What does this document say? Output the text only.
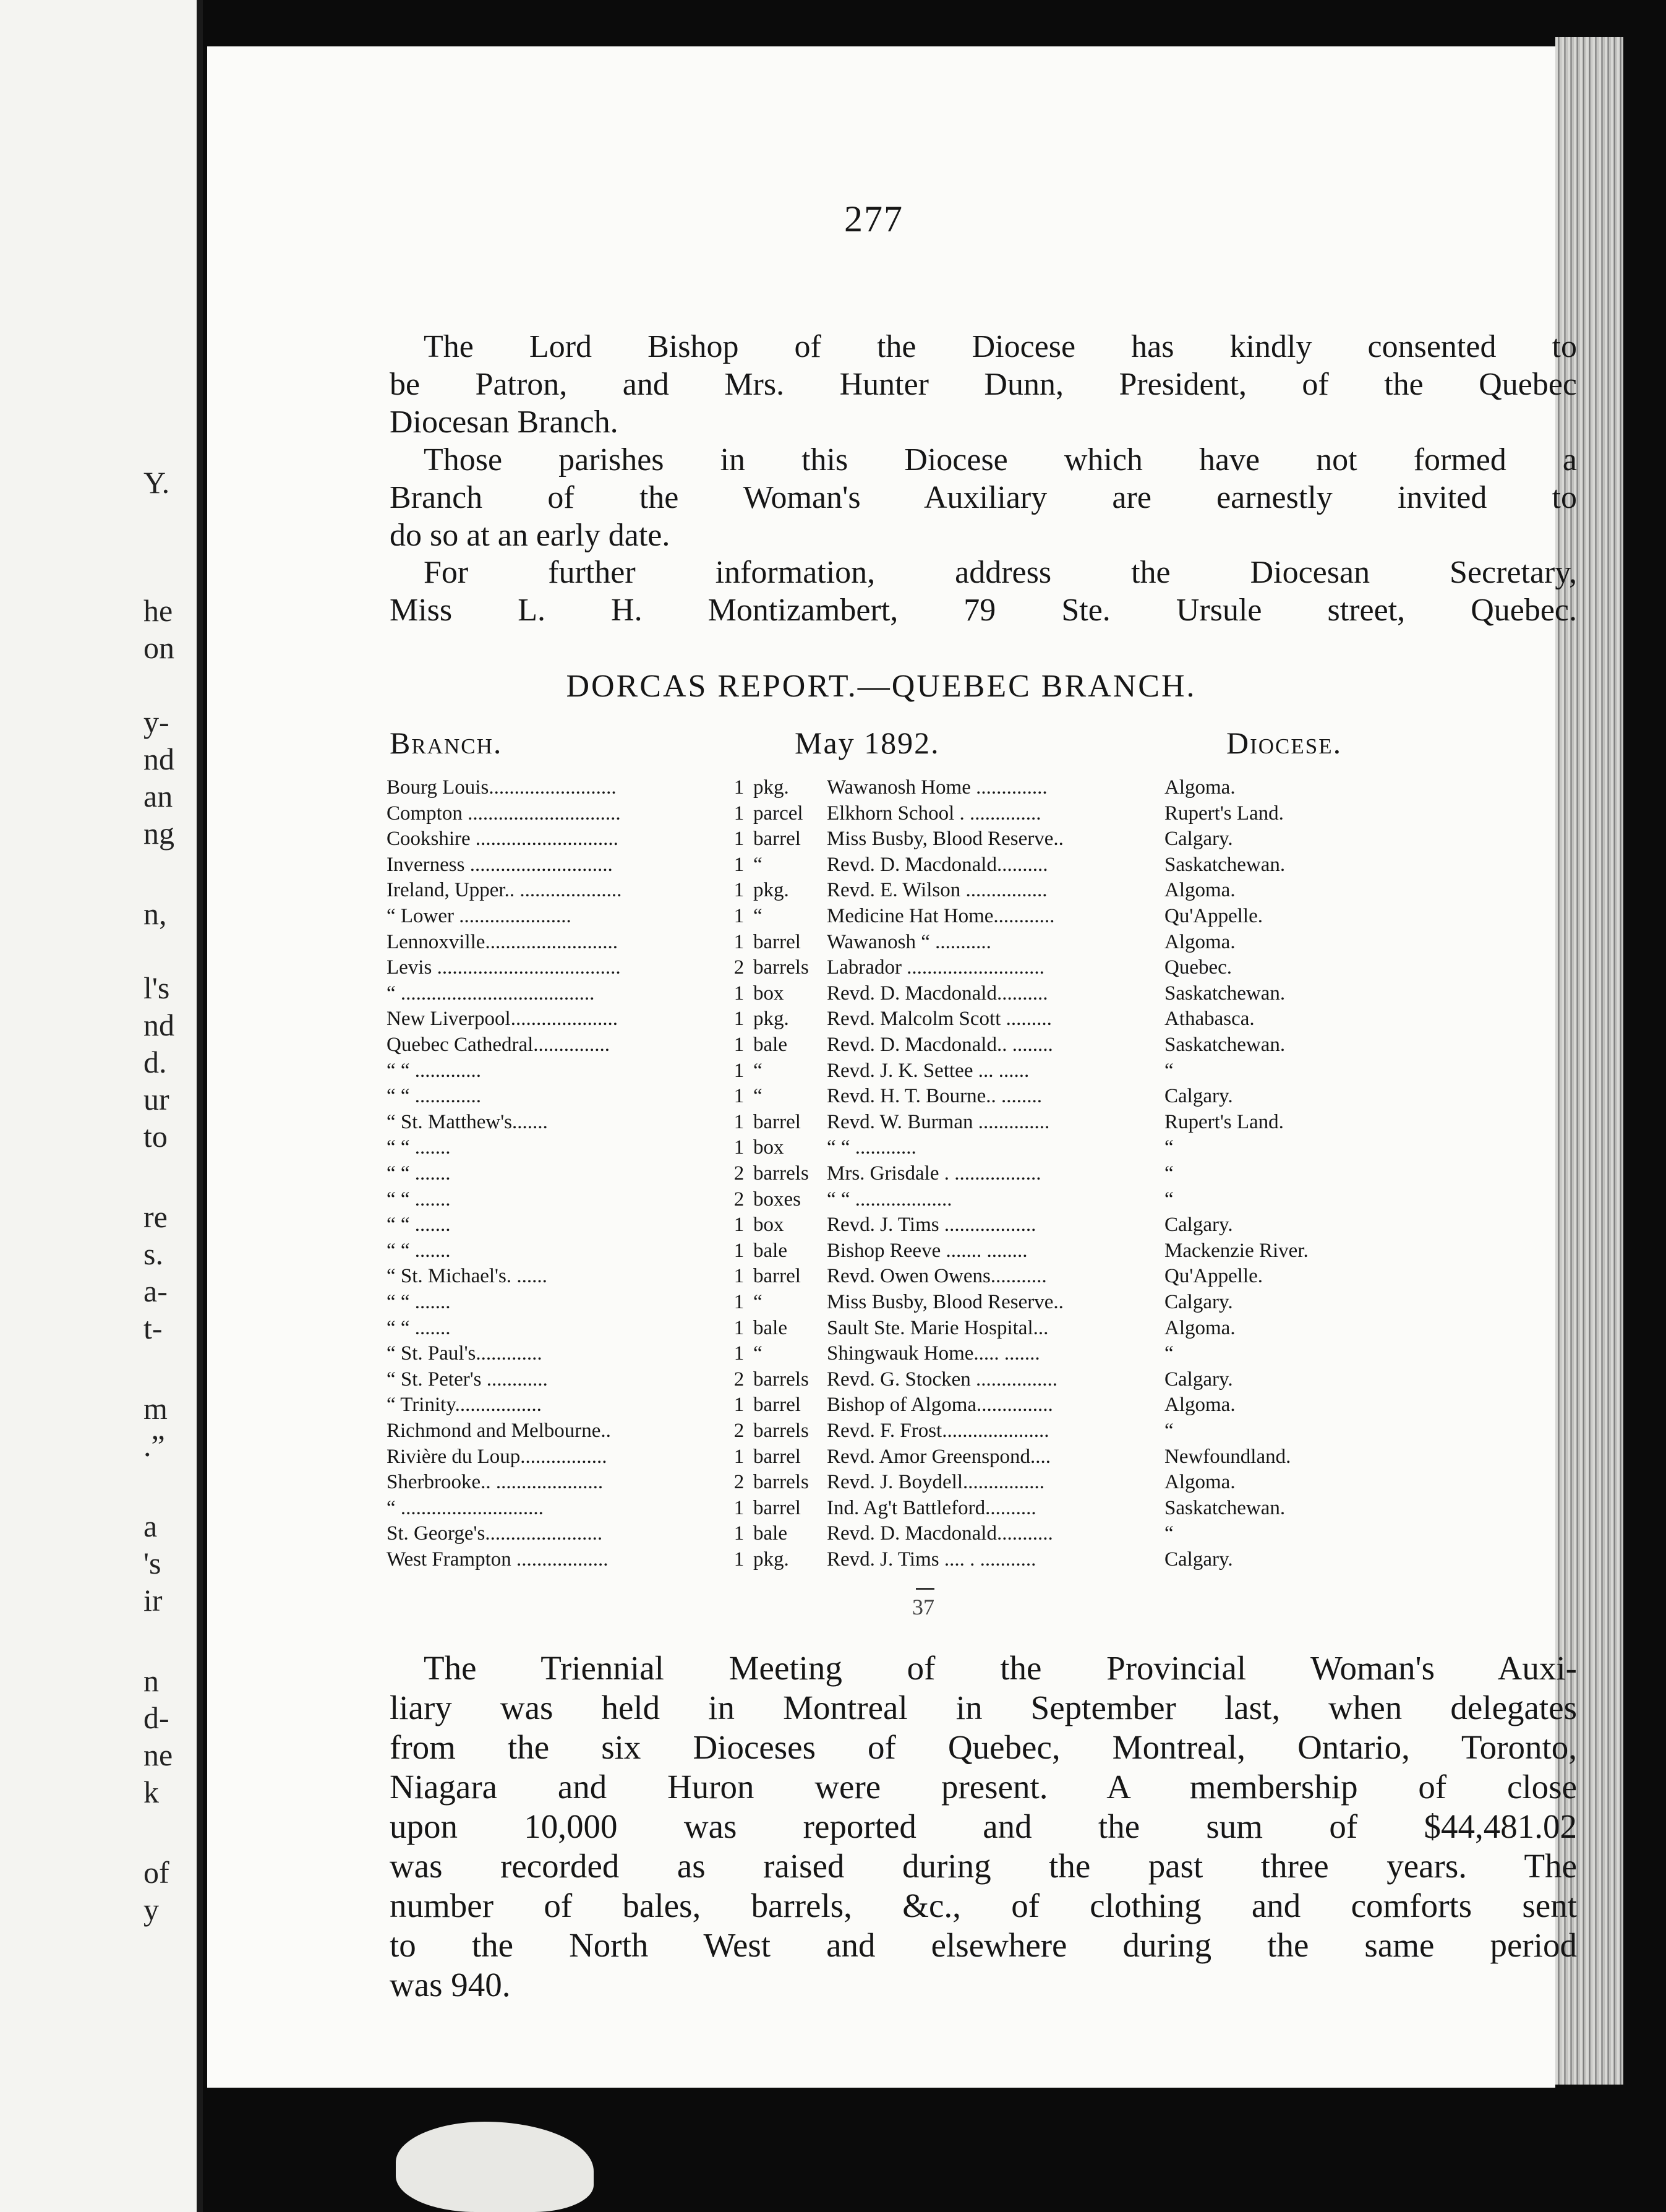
Y.
he
on
y-
nd
an
ng
n,
l's
nd
d.
ur
to
re
s.
a-
t-
m
.”
a
's
ir
n
d-
ne
k
of
y
277
The Lord Bishop of the Diocese has kindly consented to
be Patron, and Mrs. Hunter Dunn, President, of the Quebec
Diocesan Branch.
Those parishes in this Diocese which have not formed a
Branch of the Woman's Auxiliary are earnestly invited to
do so at an early date.
For further information, address the Diocesan Secretary,
Miss L. H. Montizambert, 79 Ste. Ursule street, Quebec.
DORCAS REPORT.—QUEBEC BRANCH.
Branch.	May 1892.	Diocese.
Bourg Louis.........................	1 pkg.	Wawanosh Home ..............	Algoma.
Compton ..............................	1 parcel	Elkhorn School . ..............	Rupert's Land.
Cookshire ............................	1 barrel	Miss Busby, Blood Reserve..	Calgary.
Inverness ............................	1 “	Revd. D. Macdonald..........	Saskatchewan.
Ireland, Upper.. ....................	1 pkg.	Revd. E. Wilson ................	Algoma.
“ Lower ......................	1 “	Medicine Hat Home............	Qu'Appelle.
Lennoxville..........................	1 barrel	Wawanosh “ ...........	Algoma.
Levis ....................................	2 barrels Labrador ...........................	Quebec.
“ ......................................	1 box	Revd. D. Macdonald..........	Saskatchewan.
New Liverpool.....................	1 pkg.	Revd. Malcolm Scott .........	Athabasca.
Quebec Cathedral...............	1 bale	Revd. D. Macdonald.. ........	Saskatchewan.
“ “ .............	1 “	Revd. J. K. Settee ... ......	“
“ “ .............	1 “	Revd. H. T. Bourne.. ........	Calgary.
“ St. Matthew's.......	1 barrel	Revd. W. Burman ..............	Rupert's Land.
“ “ .......	1 box	“ “ ............	“
“ “ .......	2 barrels Mrs. Grisdale . .................	“
“ “ .......	2 boxes	“ “ ...................	“
“ “ .......	1 box	Revd. J. Tims ..................	Calgary.
“ “ .......	1 bale	Bishop Reeve ....... ........	Mackenzie River.
“ St. Michael's. ......	1 barrel	Revd. Owen Owens...........	Qu'Appelle.
“ “ .......	1 “	Miss Busby, Blood Reserve..	Calgary.
“ “ .......	1 bale	Sault Ste. Marie Hospital...	Algoma.
“ St. Paul's.............	1 “	Shingwauk Home..... .......	“
“ St. Peter's ............	2 barrels Revd. G. Stocken ................	Calgary.
“ Trinity.................	1 barrel	Bishop of Algoma...............	Algoma.
Richmond and Melbourne..	2 barrels Revd. F. Frost.....................	“
Rivière du Loup.................	1 barrel	Revd. Amor Greenspond....	Newfoundland.
Sherbrooke.. .....................	2 barrels Revd. J. Boydell................	Algoma.
“ ............................	1 barrel	Ind. Ag't Battleford..........	Saskatchewan.
St. George's.......................	1 bale	Revd. D. Macdonald...........	“
West Frampton ..................	1 pkg.	Revd. J. Tims .... . ...........	Calgary.
37
The Triennial Meeting of the Provincial Woman's Auxi-
liary was held in Montreal in September last, when delegates
from the six Dioceses of Quebec, Montreal, Ontario, Toronto,
Niagara and Huron were present. A membership of close
upon 10,000 was reported and the sum of $44,481.02
was recorded as raised during the past three years. The
number of bales, barrels, &c., of clothing and comforts sent
to the North West and elsewhere during the same period
was 940.
